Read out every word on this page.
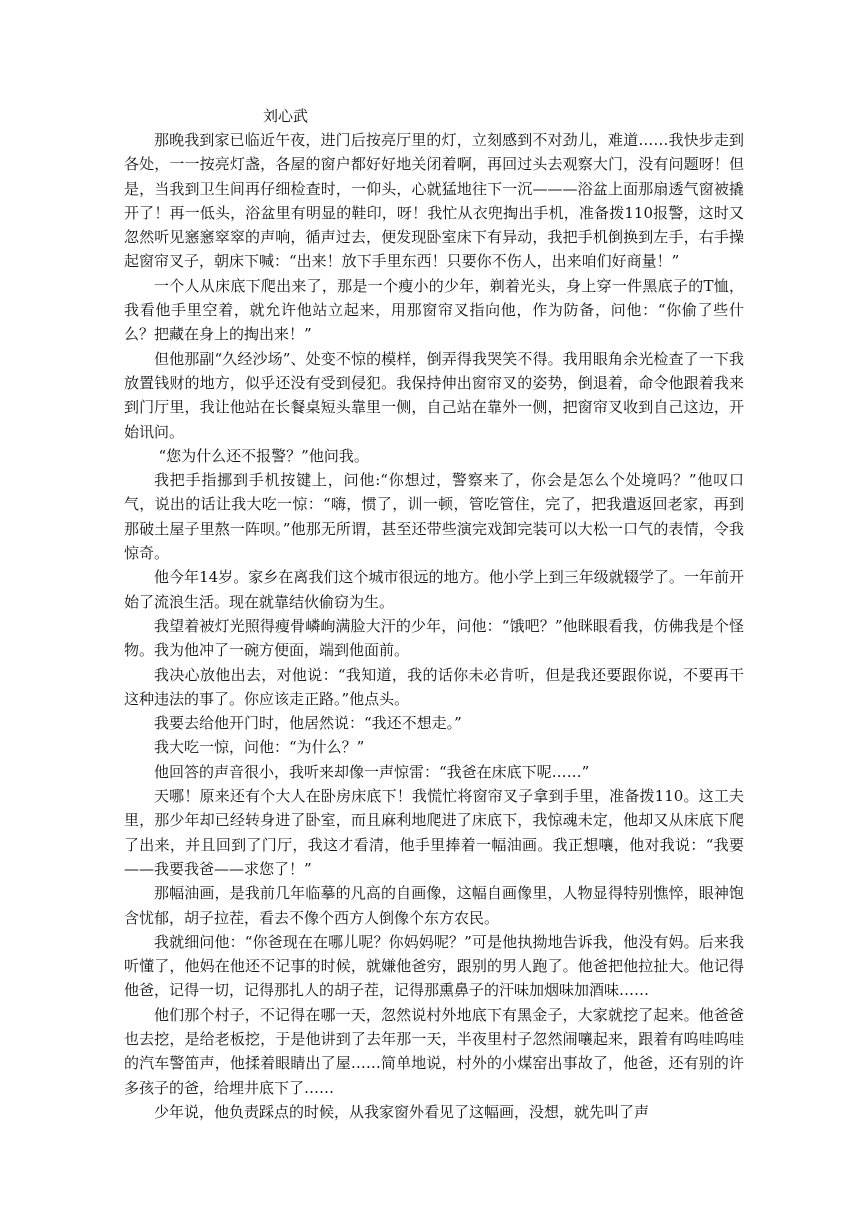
刘心武

那晚我到家已临近午夜，进门后按亮厅里的灯，立刻感到不对劲儿，难道……我快步走到各处，一一按亮灯盏，各屋的窗户都好好地关闭着啊，再回过头去观察大门，没有问题呀！但是，当我到卫生间再仔细检查时，一仰头，心就猛地往下一沉———浴盆上面那扇透气窗被撬开了！再一低头，浴盆里有明显的鞋印，呀！我忙从衣兜掏出手机，准备拨110报警，这时又忽然听见窸窸窣窣的声响，循声过去，便发现卧室床下有异动，我把手机倒换到左手，右手操起窗帘叉子，朝床下喊：“出来！放下手里东西！只要你不伤人，出来咱们好商量！”

一个人从床底下爬出来了，那是一个瘦小的少年，剃着光头，身上穿一件黑底子的T恤，我看他手里空着，就允许他站立起来，用那窗帘叉指向他，作为防备，问他：“你偷了些什么？把藏在身上的掏出来！”

但他那副“久经沙场”、处变不惊的模样，倒弄得我哭笑不得。我用眼角余光检查了一下我放置钱财的地方，似乎还没有受到侵犯。我保持伸出窗帘叉的姿势，倒退着，命令他跟着我来到门厅里，我让他站在长餐桌短头靠里一侧，自己站在靠外一侧，把窗帘叉收到自己这边，开始讯问。

“您为什么还不报警？”他问我。

我把手指挪到手机按键上，问他:“你想过，警察来了，你会是怎么个处境吗？”他叹口气，说出的话让我大吃一惊：“嗨，惯了，训一顿，管吃管住，完了，把我遣返回老家，再到那破土屋子里熬一阵呗。”他那无所谓，甚至还带些演完戏卸完装可以大松一口气的表情，令我惊奇。

他今年14岁。家乡在离我们这个城市很远的地方。他小学上到三年级就辍学了。一年前开始了流浪生活。现在就靠结伙偷窃为生。

我望着被灯光照得瘦骨嶙峋满脸大汗的少年，问他：“饿吧？”他眯眼看我，仿佛我是个怪物。我为他冲了一碗方便面，端到他面前。

我决心放他出去，对他说：“我知道，我的话你未必肯听，但是我还要跟你说，不要再干这种违法的事了。你应该走正路。”他点头。

我要去给他开门时，他居然说：“我还不想走。”

我大吃一惊，问他：“为什么？”

他回答的声音很小，我听来却像一声惊雷：“我爸在床底下呢……”

天哪！原来还有个大人在卧房床底下！我慌忙将窗帘叉子拿到手里，准备拨110。这工夫里，那少年却已经转身进了卧室，而且麻利地爬进了床底下，我惊魂未定，他却又从床底下爬了出来，并且回到了门厅，我这才看清，他手里捧着一幅油画。我正想嚷，他对我说：“我要——我要我爸——求您了！”

那幅油画，是我前几年临摹的凡高的自画像，这幅自画像里，人物显得特别憔悴，眼神饱含忧郁，胡子拉茬，看去不像个西方人倒像个东方农民。

我就细问他：“你爸现在在哪儿呢？你妈妈呢？”可是他执拗地告诉我，他没有妈。后来我听懂了，他妈在他还不记事的时候，就嫌他爸穷，跟别的男人跑了。他爸把他拉扯大。他记得他爸，记得一切，记得那扎人的胡子茬，记得那熏鼻子的汗味加烟味加酒味……

他们那个村子，不记得在哪一天，忽然说村外地底下有黑金子，大家就挖了起来。他爸爸也去挖，是给老板挖，于是他讲到了去年那一天，半夜里村子忽然闹嚷起来，跟着有呜哇呜哇的汽车警笛声，他揉着眼睛出了屋……简单地说，村外的小煤窑出事故了，他爸，还有别的许多孩子的爸，给埋井底下了……

少年说，他负责踩点的时候，从我家窗外看见了这幅画，没想，就先叫了声
